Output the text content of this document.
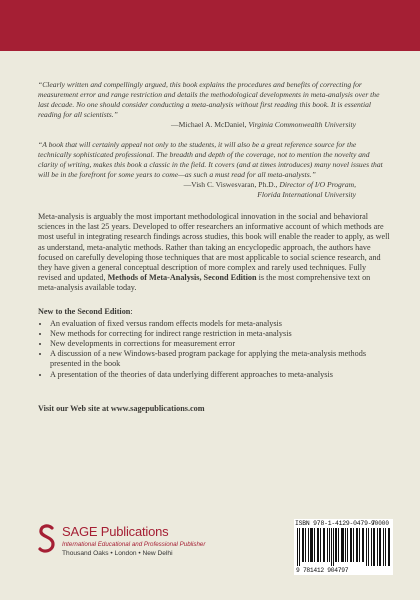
“Clearly written and compellingly argued, this book explains the procedures and benefits of correcting for measurement error and range restriction and details the methodological developments in meta-analysis over the last decade. No one should consider conducting a meta-analysis without first reading this book. It is essential reading for all scientists.”

—Michael A. McDaniel, Virginia Commonwealth University

“A book that will certainly appeal not only to the students, it will also be a great reference source for the technically sophisticated professional. The breadth and depth of the coverage, not to mention the novelty and clarity of writing, makes this book a classic in the field. It covers (and at times introduces) many novel issues that will be in the forefront for some years to come—as such a must read for all meta-analysts.”

—Vish C. Viswesvaran, Ph.D., Director of I/O Program,

Florida International University

Meta-analysis is arguably the most important methodological innovation in the social and behavioral sciences in the last 25 years. Developed to offer researchers an informative account of which methods are most useful in integrating research findings across studies, this book will enable the reader to apply, as well as understand, meta-analytic methods. Rather than taking an encyclopedic approach, the authors have focused on carefully developing those techniques that are most applicable to social science research, and they have given a general conceptual description of more complex and rarely used techniques. Fully revised and updated, Methods of Meta-Analysis, Second Edition is the most comprehensive text on meta-analysis available today.

New to the Second Edition:

• An evaluation of fixed versus random effects models for meta-analysis
• New methods for correcting for indirect range restriction in meta-analysis
• New developments in corrections for measurement error
• A discussion of a new Windows-based program package for applying the meta-analysis methods presented in the book
• A presentation of the theories of data underlying different approaches to meta-analysis

Visit our Web site at www.sagepublications.com

SAGE Publications
International Educational and Professional Publisher
Thousand Oaks • London • New Delhi
ISBN 978-1-4129-0479-7
90000
9 781412 904797
